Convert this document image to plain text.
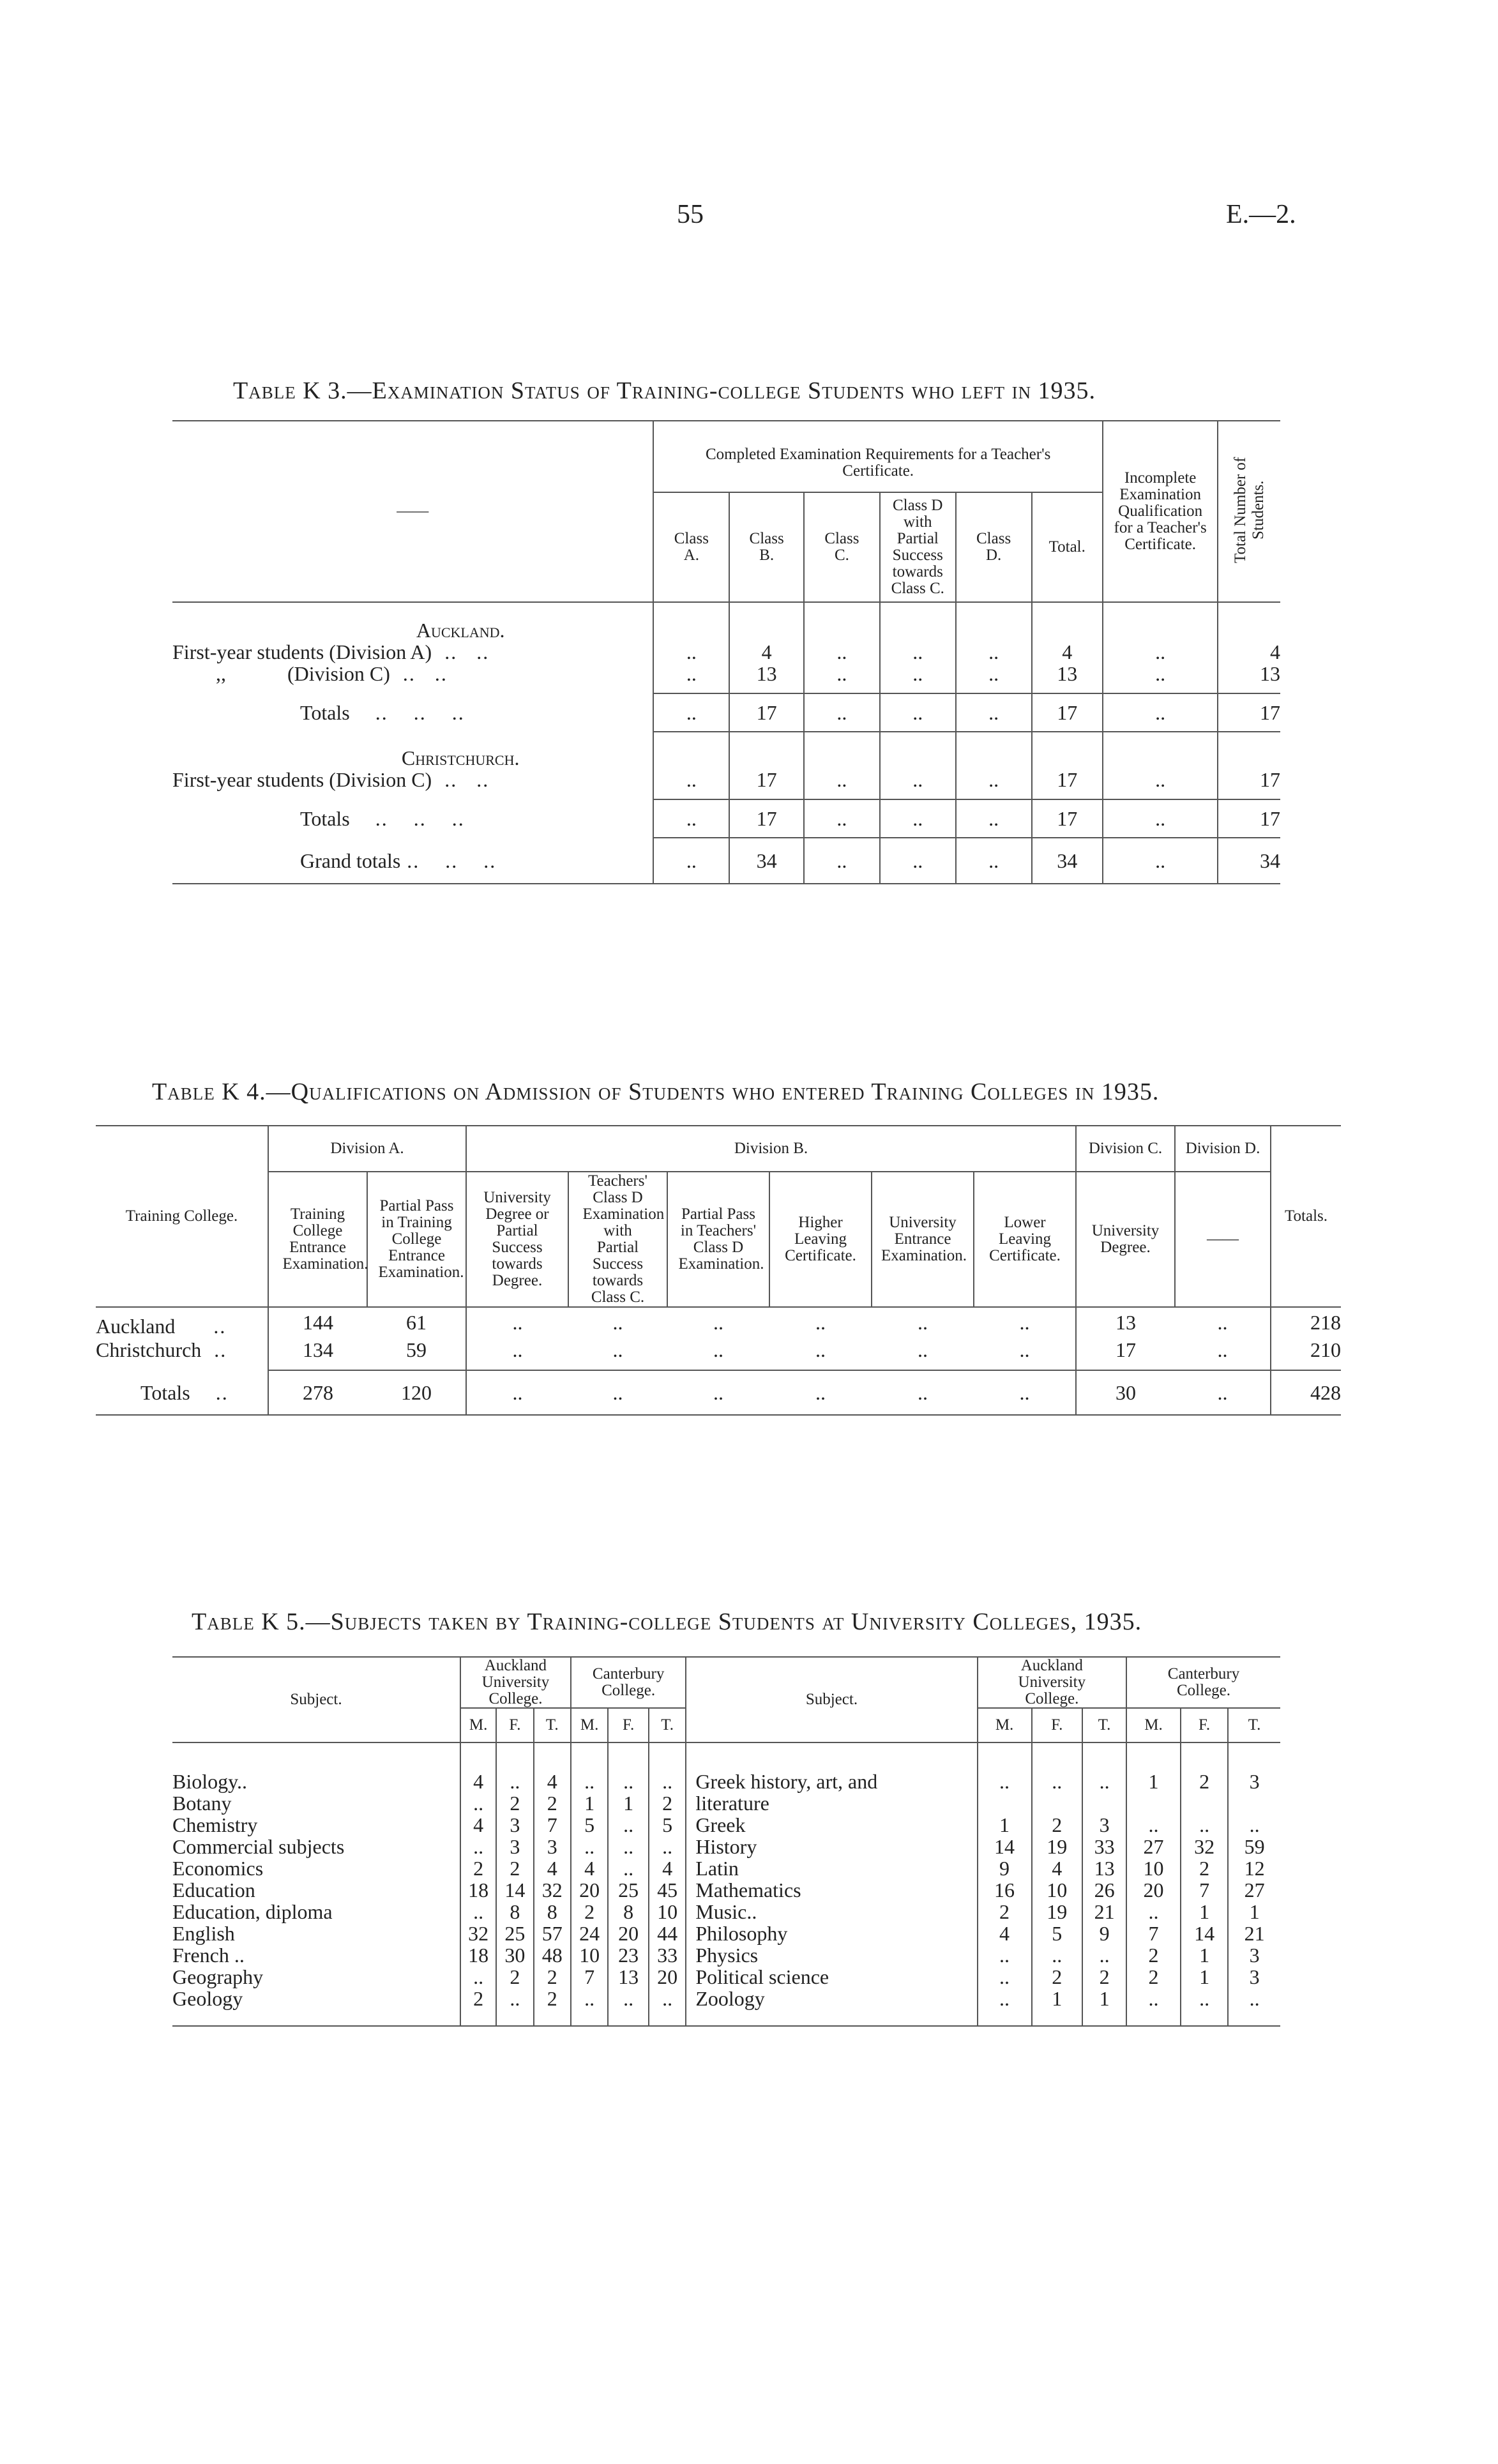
55	E.—2.
Table K 3.—Examination Status of Training-college Students who left in 1935.
——	Completed Examination Requirements for a Teacher's Certificate.						Incomplete Examination Qualification for a Teacher's Certificate.	Total Number of Students.

	Class A.	Class B.	Class C.	Class D with Partial Success towards Class C.	Class D.	Total.		
Auckland.								
First-year students (Division A)  ..   ..	..	4	..	..	..	4	..	4
,,            (Division C)  ..   ..	..	13	..	..	..	13	..	13

Totals    ..    ..    ..	..	17	..	..	..	17	..	17
Christchurch.								
First-year students (Division C)  ..   ..	..	17	..	..	..	17	..	17

Totals    ..    ..    ..	..	17	..	..	..	17	..	17
Grand totals ..    ..    ..	..	34	..	..	..	34	..	34
Table K 4.—Qualifications on Admission of Students who entered Training Colleges in 1935.
Training College.	Division A.		Division B.						Division C.	Division D.	Totals.

	Training College Entrance Examination.	Partial Pass in Training College Entrance Examination.	University Degree or Partial Success towards Degree.	Teachers' Class D Examination with Partial Success towards Class C.	Partial Pass in Teachers' Class D Examination.	Higher Leaving Certificate.	University Entrance Examination.	Lower Leaving Certificate.	University Degree.	——	
Auckland      ..	144	61	..	..	..	..	..	..	13	..	218
Christchurch  ..	134	59	..	..	..	..	..	..	17	..	210

Totals    ..	278	120	..	..	..	..	..	..	30	..	428
Table K 5.—Subjects taken by Training-college Students at University Colleges, 1935.
Subject.	Auckland University College.			Canterbury College.			Subject.	Auckland University College.			Canterbury College.		

	M.	F.	T.	M.	F.	T.		M.	F.	T.	M.	F.	T.

Biology..	4	..	4	..	..	..	Greek history, art, and	..	..	..	1	2	3
Botany	..	2	2	1	1	2	literature						
Chemistry	4	3	7	5	..	5	Greek	1	2	3	..	..	..
Commercial subjects	..	3	3	..	..	..	History	14	19	33	27	32	59
Economics	2	2	4	4	..	4	Latin	9	4	13	10	2	12
Education	18	14	32	20	25	45	Mathematics	16	10	26	20	7	27
Education, diploma	..	8	8	2	8	10	Music..	2	19	21	..	1	1
English	32	25	57	24	20	44	Philosophy	4	5	9	7	14	21
French ..	18	30	48	10	23	33	Physics	..	..	..	2	1	3
Geography	..	2	2	7	13	20	Political science	..	2	2	2	1	3
Geology	2	..	2	..	..	..	Zoology	..	1	1	..	..	..
